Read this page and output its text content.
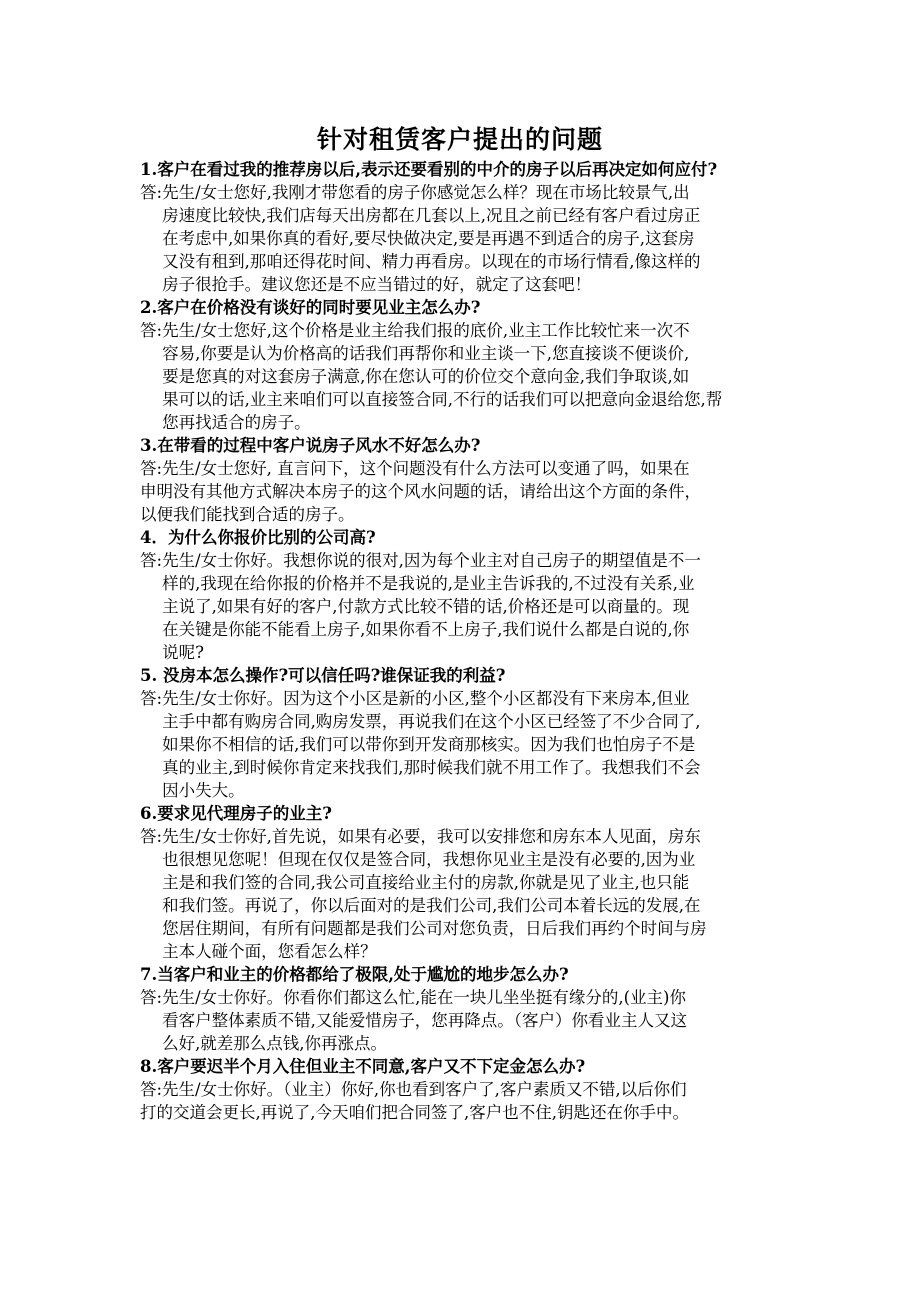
针对租赁客户提出的问题
1.客户在看过我的推荐房以后,表示还要看别的中介的房子以后再决定如何应付?
答: 先生/女士您好,我刚才带您看的房子你感觉怎么样？现在市场比较景气,出
房速度比较快,我们店每天出房都在几套以上,况且之前已经有客户看过房正
在考虑中,如果你真的看好,要尽快做决定,要是再遇不到适合的房子,这套房
又没有租到,那咱还得花时间、精力再看房。以现在的市场行情看,像这样的
房子很抢手。建议您还是不应当错过的好，就定了这套吧！
2.客户在价格没有谈好的同时要见业主怎么办?
答: 先生/女士您好,这个价格是业主给我们报的底价,业主工作比较忙来一次不
容易,你要是认为价格高的话我们再帮你和业主谈一下,您直接谈不便谈价,
要是您真的对这套房子满意,你在您认可的价位交个意向金,我们争取谈,如
果可以的话,业主来咱们可以直接签合同,不行的话我们可以把意向金退给您,帮
您再找适合的房子。
3.在带看的过程中客户说房子风水不好怎么办?
答:先生/女士您好, 直言问下，这个问题没有什么方法可以变通了吗，如果在
申明没有其他方式解决本房子的这个风水问题的话，请给出这个方面的条件，
以便我们能找到合适的房子。
4．为什么你报价比别的公司高?
答: 先生/女士你好。我想你说的很对,因为每个业主对自己房子的期望值是不一
样的,我现在给你报的价格并不是我说的,是业主告诉我的,不过没有关系,业
主说了,如果有好的客户,付款方式比较不错的话,价格还是可以商量的。现
在关键是你能不能看上房子,如果你看不上房子,我们说什么都是白说的,你
说呢?
5. 没房本怎么操作?可以信任吗?谁保证我的利益?
答: 先生/女士你好。因为这个小区是新的小区,整个小区都没有下来房本,但业
主手中都有购房合同,购房发票，再说我们在这个小区已经签了不少合同了,
如果你不相信的话,我们可以带你到开发商那核实。因为我们也怕房子不是
真的业主,到时候你肯定来找我们,那时候我们就不用工作了。我想我们不会
因小失大。
6.要求见代理房子的业主?
答: 先生/女士你好,首先说，如果有必要，我可以安排您和房东本人见面，房东
也很想见您呢！但现在仅仅是签合同，我想你见业主是没有必要的,因为业
主是和我们签的合同,我公司直接给业主付的房款,你就是见了业主,也只能
和我们签。再说了，你以后面对的是我们公司,我们公司本着长远的发展,在
您居住期间，有所有问题都是我们公司对您负责，日后我们再约个时间与房
主本人碰个面，您看怎么样？
7.当客户和业主的价格都给了极限,处于尴尬的地步怎么办?
答: 先生/女士你好。你看你们都这么忙,能在一块儿坐坐挺有缘分的,(业主)你
看客户整体素质不错,又能爱惜房子，您再降点。（客户）你看业主人又这
么好,就差那么点钱,你再涨点。
8.客户要迟半个月入住但业主不同意,客户又不下定金怎么办?
答:先生/女士你好。（业主）你好,你也看到客户了,客户素质又不错,以后你们
打的交道会更长,再说了,今天咱们把合同签了,客户也不住,钥匙还在你手中。
